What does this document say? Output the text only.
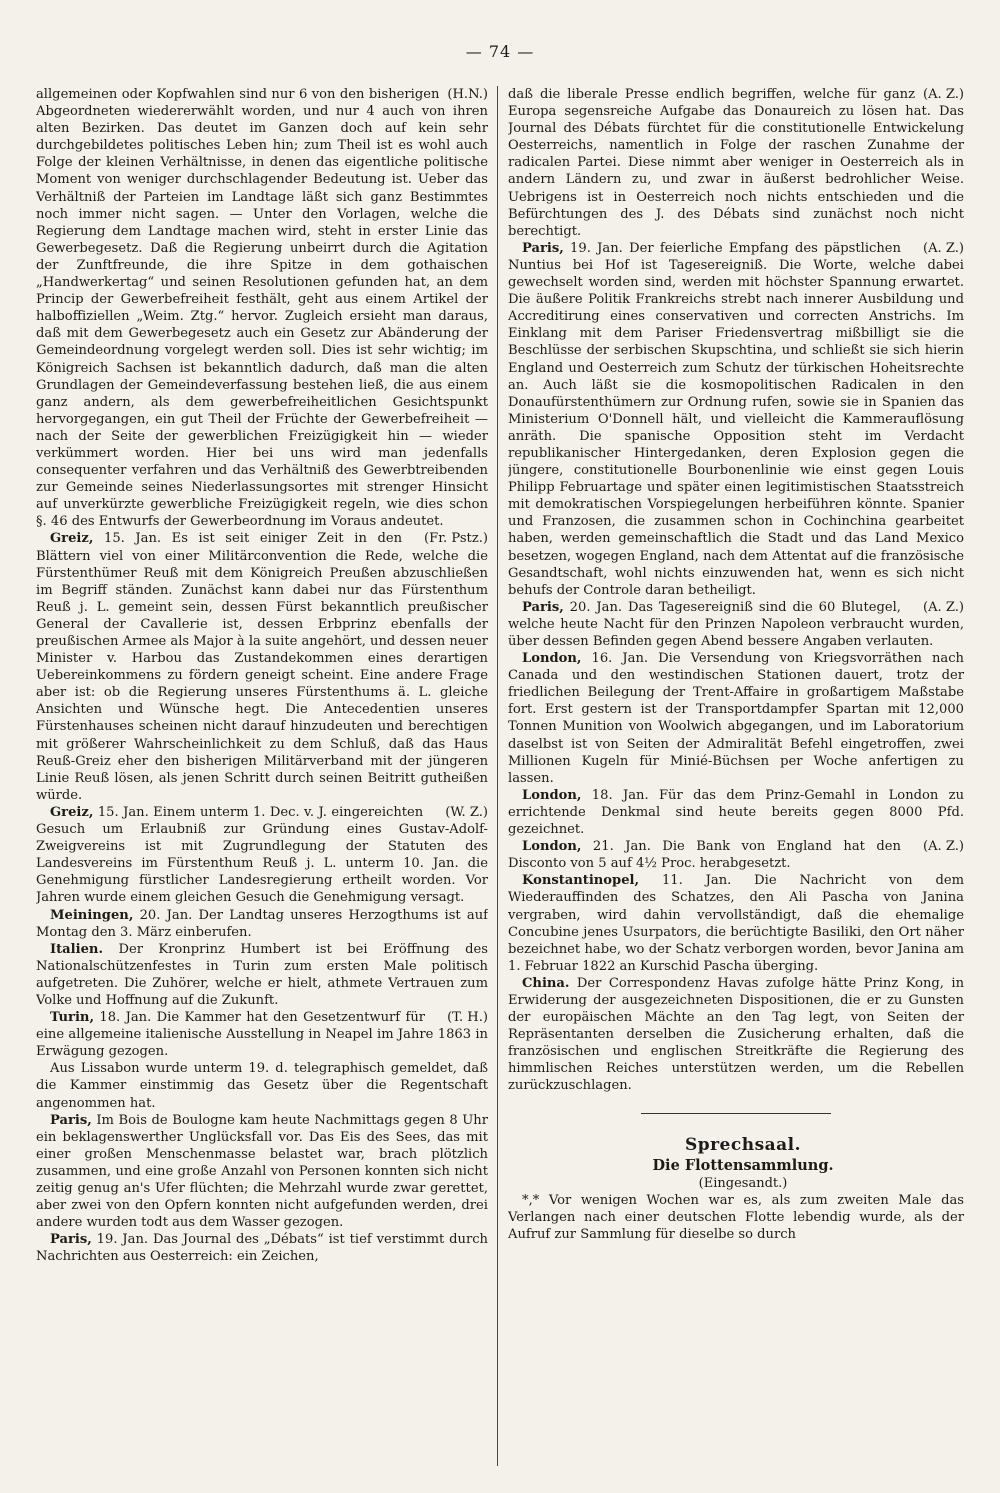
— 74 —

(H.N.)
allgemeinen oder Kopfwahlen sind nur 6 von den bisherigen Abgeordneten wiedererwählt worden, und nur 4 auch von ihren alten Bezirken. Das deutet im Ganzen doch auf kein sehr durchgebildetes politisches Leben hin; zum Theil ist es wohl auch Folge der kleinen Verhältnisse, in denen das eigentliche politische Moment von weniger durchschlagender Bedeutung ist. Ueber das Verhältniß der Parteien im Landtage läßt sich ganz Bestimmtes noch immer nicht sagen. — Unter den Vorlagen, welche die Regierung dem Landtage machen wird, steht in erster Linie das Gewerbegesetz. Daß die Regierung unbeirrt durch die Agitation der Zunftfreunde, die ihre Spitze in dem gothaischen „Handwerkertag“ und seinen Resolutionen gefunden hat, an dem Princip der Gewerbefreiheit festhält, geht aus einem Artikel der halboffiziellen „Weim. Ztg.“ hervor. Zugleich ersieht man daraus, daß mit dem Gewerbegesetz auch ein Gesetz zur Abänderung der Gemeindeordnung vorgelegt werden soll. Dies ist sehr wichtig; im Königreich Sachsen ist bekanntlich dadurch, daß man die alten Grundlagen der Gemeindeverfassung bestehen ließ, die aus einem ganz andern, als dem gewerbefreiheitlichen Gesichtspunkt hervorgegangen, ein gut Theil der Früchte der Gewerbefreiheit — nach der Seite der gewerblichen Freizügigkeit hin — wieder verkümmert worden. Hier bei uns wird man jedenfalls consequenter verfahren und das Verhältniß des Gewerbtreibenden zur Gemeinde seines Niederlassungsortes mit strenger Hinsicht auf unverkürzte gewerbliche Freizügigkeit regeln, wie dies schon §. 46 des Entwurfs der Gewerbeordnung im Voraus andeutet.

(Fr. Pstz.)
Greiz, 15. Jan. Es ist seit einiger Zeit in den Blättern viel von einer Militärconvention die Rede, welche die Fürstenthümer Reuß mit dem Königreich Preußen abzuschließen im Begriff ständen. Zunächst kann dabei nur das Fürstenthum Reuß j. L. gemeint sein, dessen Fürst bekanntlich preußischer General der Cavallerie ist, dessen Erbprinz ebenfalls der preußischen Armee als Major à la suite angehört, und dessen neuer Minister v. Harbou das Zustandekommen eines derartigen Uebereinkommens zu fördern geneigt scheint. Eine andere Frage aber ist: ob die Regierung unseres Fürstenthums ä. L. gleiche Ansichten und Wünsche hegt. Die Antecedentien unseres Fürstenhauses scheinen nicht darauf hinzudeuten und berechtigen mit größerer Wahrscheinlichkeit zu dem Schluß, daß das Haus Reuß-Greiz eher den bisherigen Militärverband mit der jüngeren Linie Reuß lösen, als jenen Schritt durch seinen Beitritt gutheißen würde.

(W. Z.)
Greiz, 15. Jan. Einem unterm 1. Dec. v. J. eingereichten Gesuch um Erlaubniß zur Gründung eines Gustav-Adolf-Zweigvereins ist mit Zugrundlegung der Statuten des Landesvereins im Fürstenthum Reuß j. L. unterm 10. Jan. die Genehmigung fürstlicher Landesregierung ertheilt worden. Vor Jahren wurde einem gleichen Gesuch die Genehmigung versagt.

Meiningen, 20. Jan. Der Landtag unseres Herzogthums ist auf Montag den 3. März einberufen.

Italien. Der Kronprinz Humbert ist bei Eröffnung des Nationalschützenfestes in Turin zum ersten Male politisch aufgetreten. Die Zuhörer, welche er hielt, athmete Vertrauen zum Volke und Hoffnung auf die Zukunft.

(T. H.)
Turin, 18. Jan. Die Kammer hat den Gesetzentwurf für eine allgemeine italienische Ausstellung in Neapel im Jahre 1863 in Erwägung gezogen.

Aus Lissabon wurde unterm 19. d. telegraphisch gemeldet, daß die Kammer einstimmig das Gesetz über die Regentschaft angenommen hat.

Paris, Im Bois de Boulogne kam heute Nachmittags gegen 8 Uhr ein beklagenswerther Unglücksfall vor. Das Eis des Sees, das mit einer großen Menschenmasse belastet war, brach plötzlich zusammen, und eine große Anzahl von Personen konnten sich nicht zeitig genug an's Ufer flüchten; die Mehrzahl wurde zwar gerettet, aber zwei von den Opfern konnten nicht aufgefunden werden, drei andere wurden todt aus dem Wasser gezogen.

Paris, 19. Jan. Das Journal des „Débats“ ist tief verstimmt durch Nachrichten aus Oesterreich: ein Zeichen,

(A. Z.)
daß die liberale Presse endlich begriffen, welche für ganz Europa segensreiche Aufgabe das Donaureich zu lösen hat. Das Journal des Débats fürchtet für die constitutionelle Entwickelung Oesterreichs, namentlich in Folge der raschen Zunahme der radicalen Partei. Diese nimmt aber weniger in Oesterreich als in andern Ländern zu, und zwar in äußerst bedrohlicher Weise. Uebrigens ist in Oesterreich noch nichts entschieden und die Befürchtungen des J. des Débats sind zunächst noch nicht berechtigt.

(A. Z.)
Paris, 19. Jan. Der feierliche Empfang des päpstlichen Nuntius bei Hof ist Tagesereigniß. Die Worte, welche dabei gewechselt worden sind, werden mit höchster Spannung erwartet. Die äußere Politik Frankreichs strebt nach innerer Ausbildung und Accreditirung eines conservativen und correcten Anstrichs. Im Einklang mit dem Pariser Friedensvertrag mißbilligt sie die Beschlüsse der serbischen Skupschtina, und schließt sie sich hierin England und Oesterreich zum Schutz der türkischen Hoheitsrechte an. Auch läßt sie die kosmopolitischen Radicalen in den Donaufürstenthümern zur Ordnung rufen, sowie sie in Spanien das Ministerium O'Donnell hält, und vielleicht die Kammerauflösung anräth. Die spanische Opposition steht im Verdacht republikanischer Hintergedanken, deren Explosion gegen die jüngere, constitutionelle Bourbonenlinie wie einst gegen Louis Philipp Februartage und später einen legitimistischen Staatsstreich mit demokratischen Vorspiegelungen herbeiführen könnte. Spanier und Franzosen, die zusammen schon in Cochinchina gearbeitet haben, werden gemeinschaftlich die Stadt und das Land Mexico besetzen, wogegen England, nach dem Attentat auf die französische Gesandtschaft, wohl nichts einzuwenden hat, wenn es sich nicht behufs der Controle daran betheiligt.

(A. Z.)
Paris, 20. Jan. Das Tagesereigniß sind die 60 Blutegel, welche heute Nacht für den Prinzen Napoleon verbraucht wurden, über dessen Befinden gegen Abend bessere Angaben verlauten.

London, 16. Jan. Die Versendung von Kriegsvorräthen nach Canada und den westindischen Stationen dauert, trotz der friedlichen Beilegung der Trent-Affaire in großartigem Maßstabe fort. Erst gestern ist der Transportdampfer Spartan mit 12,000 Tonnen Munition von Woolwich abgegangen, und im Laboratorium daselbst ist von Seiten der Admiralität Befehl eingetroffen, zwei Millionen Kugeln für Minié-Büchsen per Woche anfertigen zu lassen.

London, 18. Jan. Für das dem Prinz-Gemahl in London zu errichtende Denkmal sind heute bereits gegen 8000 Pfd. gezeichnet.

(A. Z.)
London, 21. Jan. Die Bank von England hat den Disconto von 5 auf 4½ Proc. herabgesetzt.

Konstantinopel, 11. Jan. Die Nachricht von dem Wiederauffinden des Schatzes, den Ali Pascha von Janina vergraben, wird dahin vervollständigt, daß die ehemalige Concubine jenes Usurpators, die berüchtigte Basiliki, den Ort näher bezeichnet habe, wo der Schatz verborgen worden, bevor Janina am 1. Februar 1822 an Kurschid Pascha überging.

China. Der Correspondenz Havas zufolge hätte Prinz Kong, in Erwiderung der ausgezeichneten Dispositionen, die er zu Gunsten der europäischen Mächte an den Tag legt, von Seiten der Repräsentanten derselben die Zusicherung erhalten, daß die französischen und englischen Streitkräfte die Regierung des himmlischen Reiches unterstützen werden, um die Rebellen zurückzuschlagen.

Sprechsaal.

Die Flottensammlung.

(Eingesandt.)

*‚* Vor wenigen Wochen war es, als zum zweiten Male das Verlangen nach einer deutschen Flotte lebendig wurde, als der Aufruf zur Sammlung für dieselbe so durch
